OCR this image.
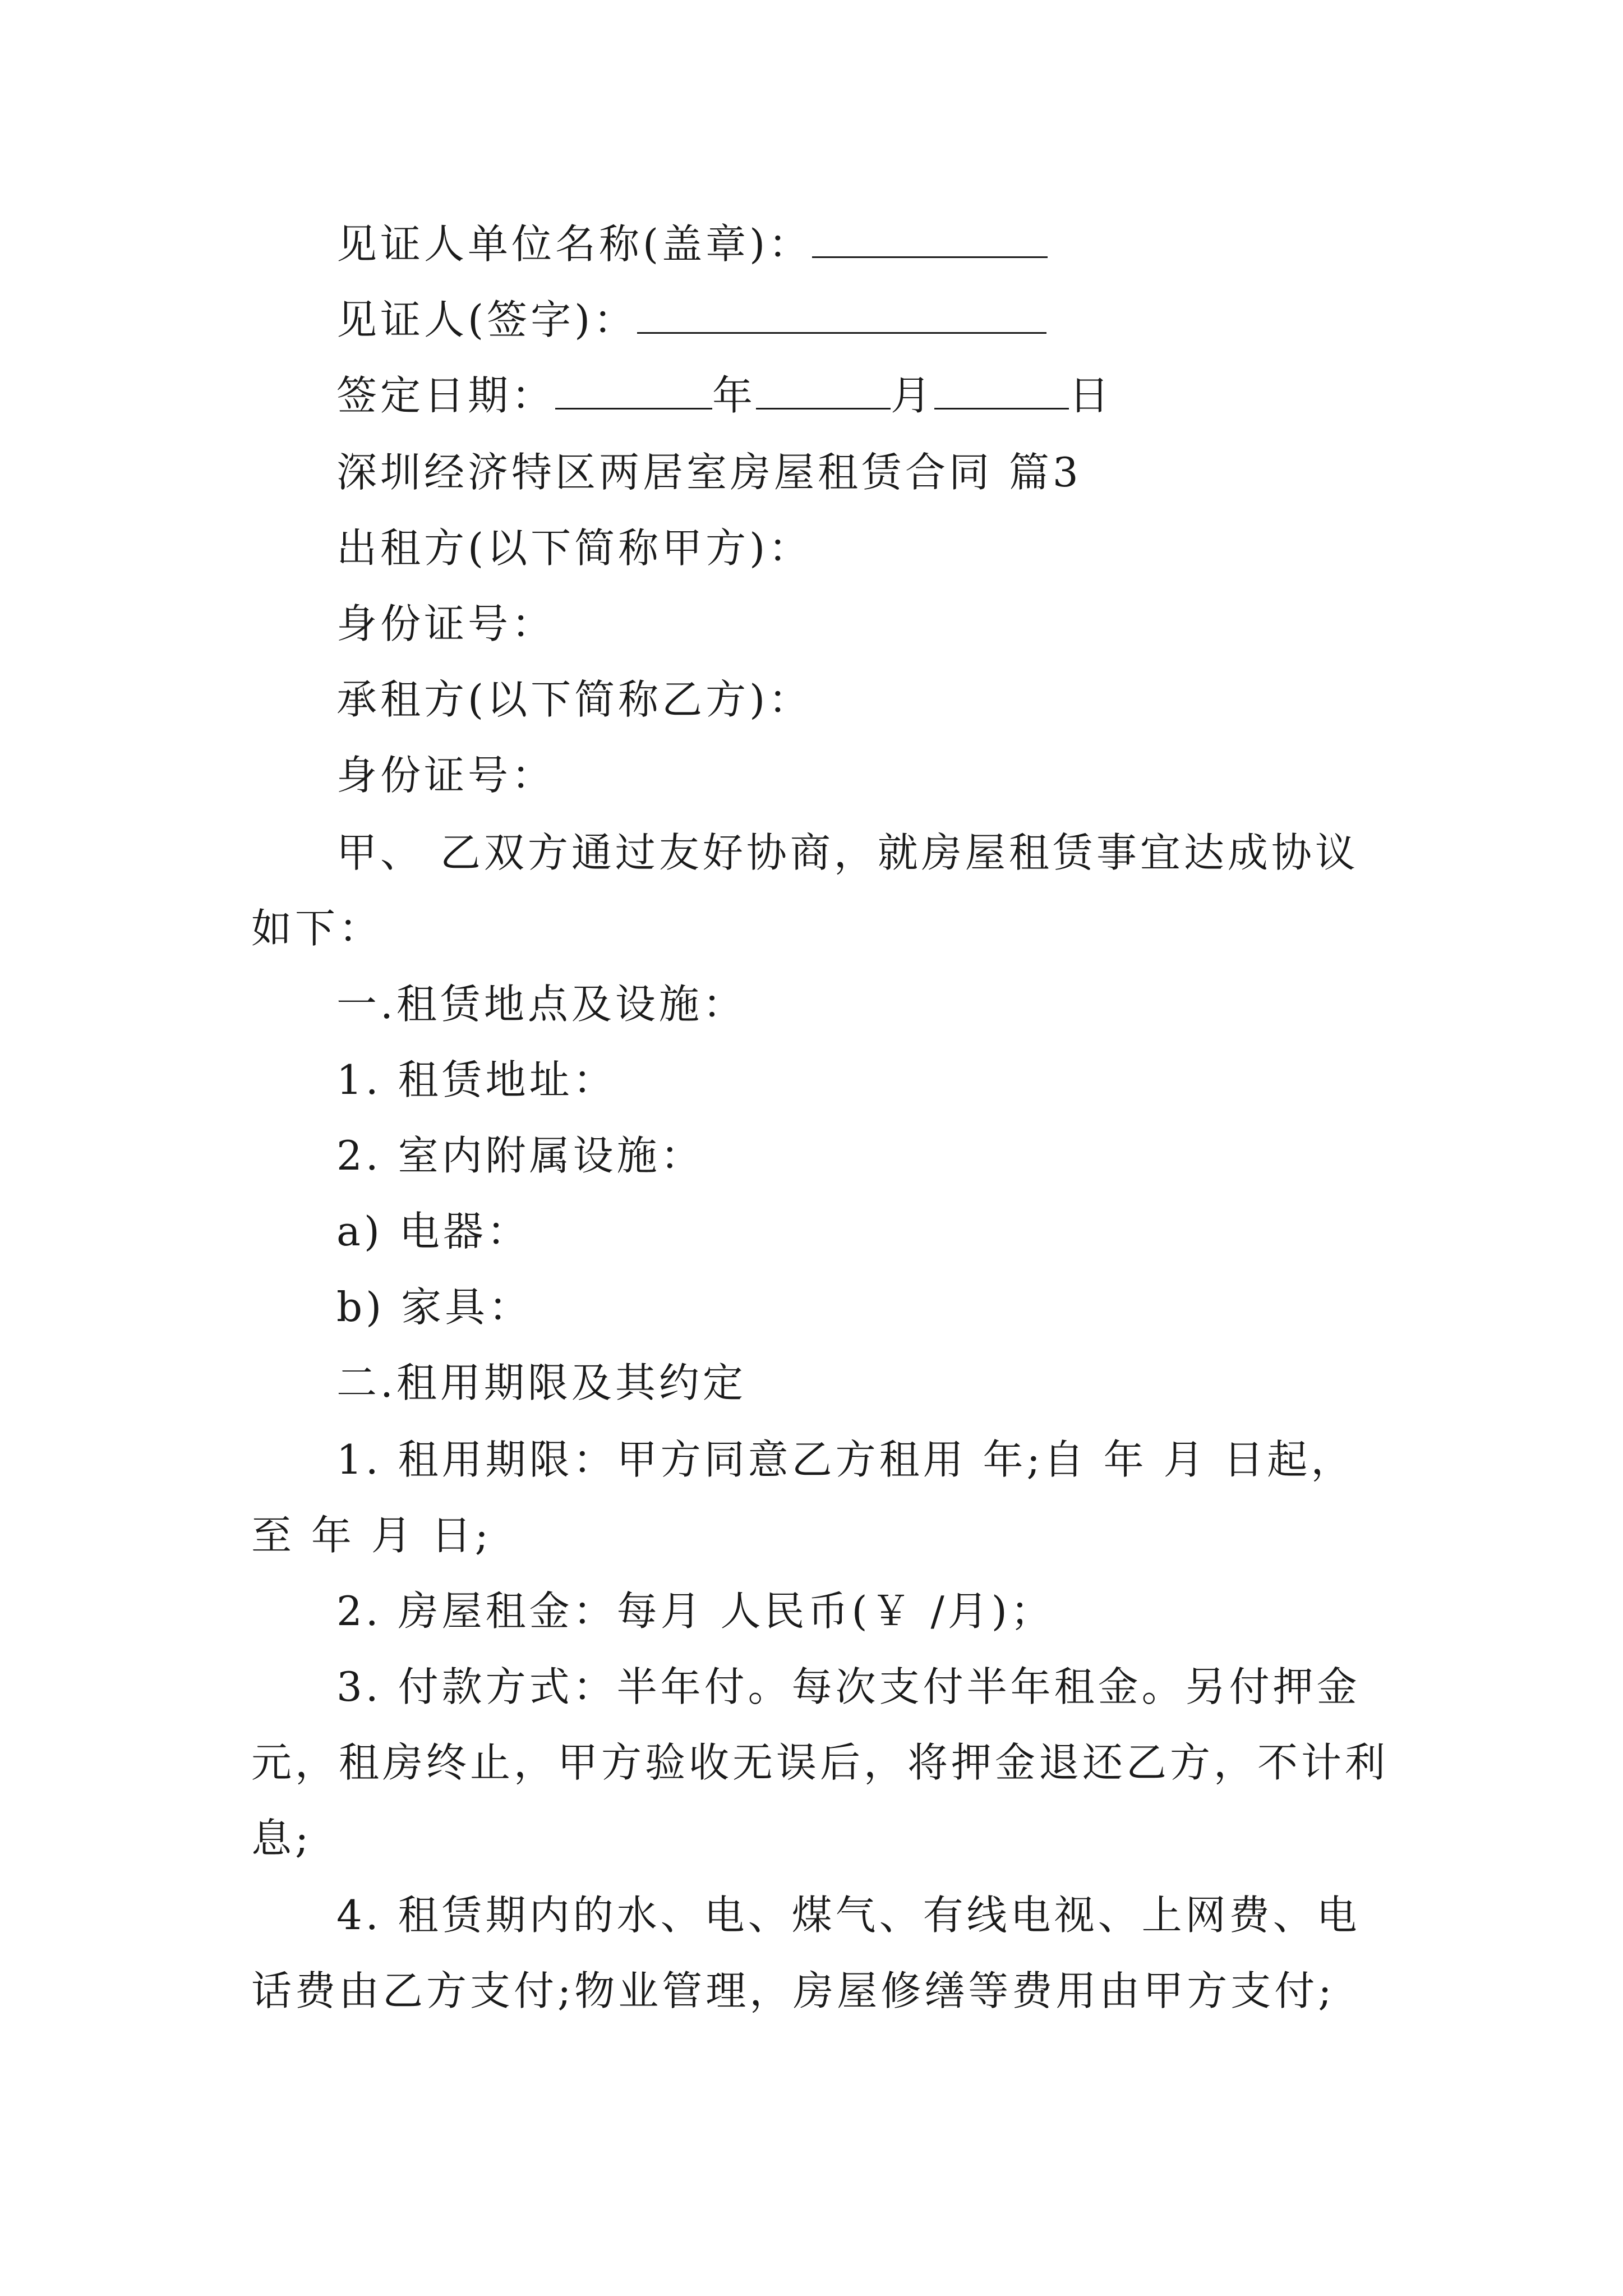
见证人单位名称(盖章)：
见证人(签字)：
签定日期：	年	月	日
深圳经济特区两居室房屋租赁合同 篇3
出租方(以下简称甲方)：
身份证号：
承租方(以下简称乙方)：
身份证号：
甲、 乙双方通过友好协商，就房屋租赁事宜达成协议
如下：
一.租赁地点及设施：
1. 租赁地址：
2. 室内附属设施：
a) 电器：
b) 家具：
二.租用期限及其约定
1. 租用期限：甲方同意乙方租用 年;自 年 月 日起，
至 年 月 日;
2. 房屋租金：每月 人民币(￥ /月)；
3. 付款方式：半年付。每次支付半年租金。另付押金
元，租房终止，甲方验收无误后，将押金退还乙方，不计利
息;
4. 租赁期内的水、电、煤气、有线电视、上网费、电
话费由乙方支付;物业管理，房屋修缮等费用由甲方支付;
